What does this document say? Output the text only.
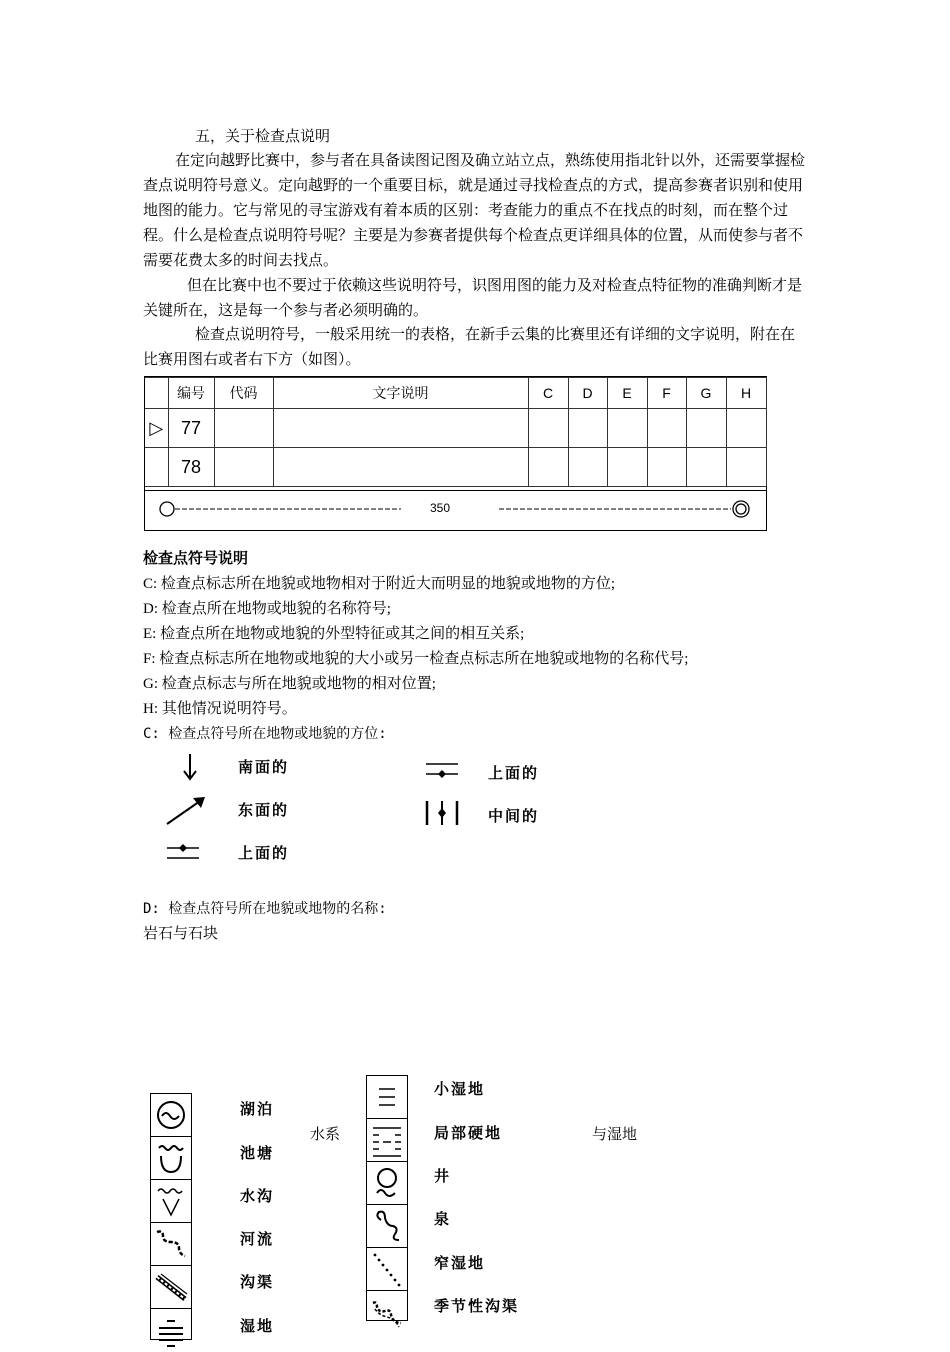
五，关于检查点说明
在定向越野比赛中，参与者在具备读图记图及确立站立点，熟练使用指北针以外，还需要掌握检查点说明符号意义。定向越野的一个重要目标，就是通过寻找检查点的方式，提高参赛者识别和使用地图的能力。它与常见的寻宝游戏有着本质的区别：考查能力的重点不在找点的时刻，而在整个过程。什么是检查点说明符号呢？主要是为参赛者提供每个检查点更详细具体的位置，从而使参与者不需要花费太多的时间去找点。
但在比赛中也不要过于依赖这些说明符号，识图用图的能力及对检查点特征物的准确判断才是关键所在，这是每一个参与者必须明确的。
检查点说明符号，一般采用统一的表格，在新手云集的比赛里还有详细的文字说明，附在在比赛用图右或者右下方（如图）。
	编号	代码	文字说明	C	D	E	F	G	H
▷	77								
	78								
350
检查点符号说明
C: 检查点标志所在地貌或地物相对于附近大而明显的地貌或地物的方位;
D: 检查点所在地物或地貌的名称符号;
E: 检查点所在地物或地貌的外型特征或其之间的相互关系;
F: 检查点标志所在地物或地貌的大小或另一检查点标志所在地貌或地物的名称代号;
G: 检查点标志与所在地貌或地物的相对位置;
H: 其他情况说明符号。
C: 检查点符号所在地物或地貌的方位:
南面的
东面的
上面的
上面的
中间的
D: 检查点符号所在地貌或地物的名称:
岩石与石块
湖泊
池塘
水沟
河流
沟渠
湿地
水系
小湿地
局部硬地
井
泉
窄湿地
季节性沟渠
与湿地
